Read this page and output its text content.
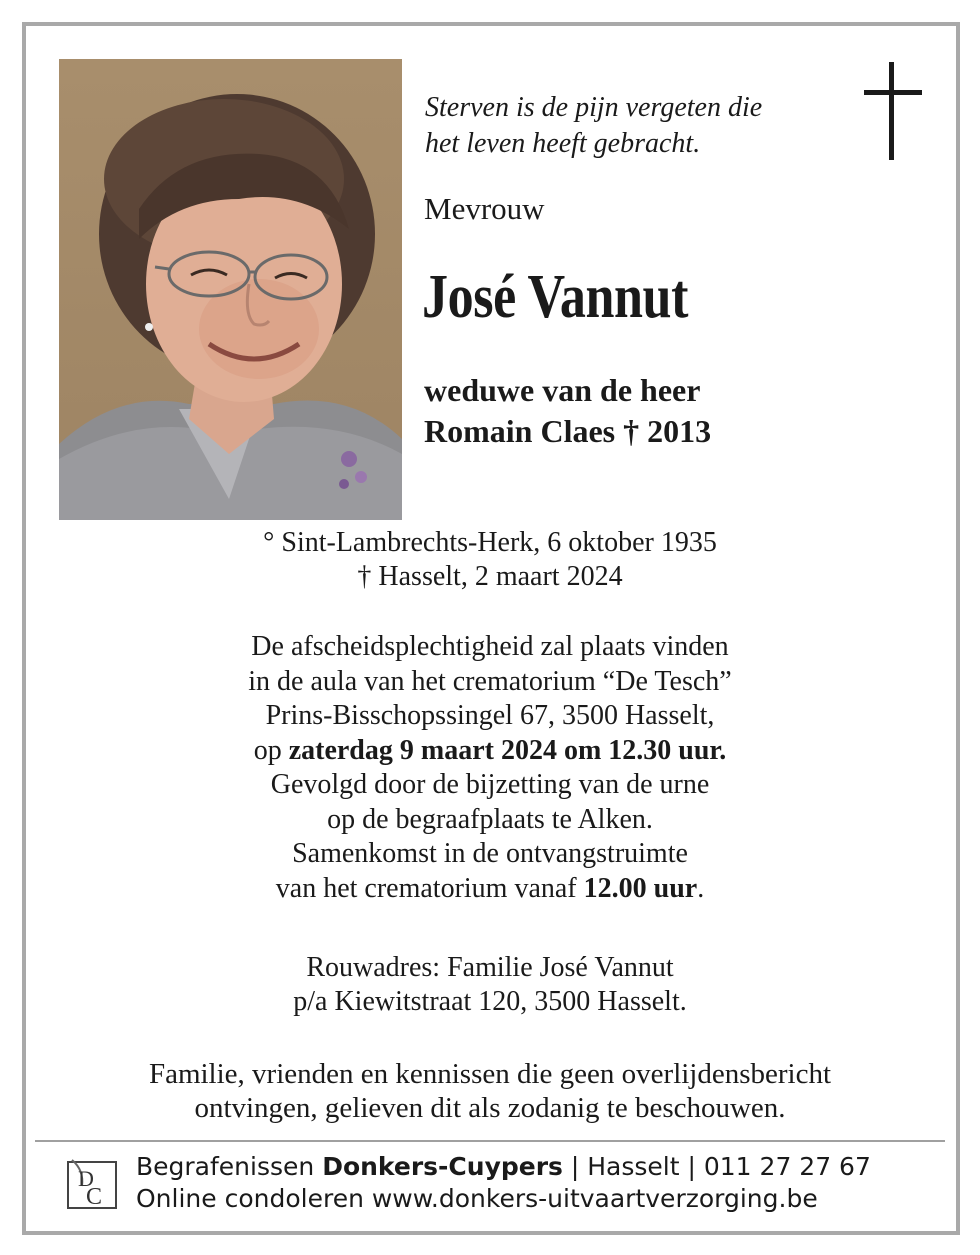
Sterven is de pijn vergeten die
het leven heeft gebracht.
Mevrouw
José Vannut
weduwe van de heer
Romain Claes † 2013
° Sint-Lambrechts-Herk, 6 oktober 1935
† Hasselt, 2 maart 2024
De afscheidsplechtigheid zal plaats vinden
in de aula van het crematorium “De Tesch”
Prins-Bisschopssingel 67, 3500 Hasselt,
op zaterdag 9 maart 2024 om 12.30 uur.
Gevolgd door de bijzetting van de urne
op de begraafplaats te Alken.
Samenkomst in de ontvangstruimte
van het crematorium vanaf 12.00 uur.
Rouwadres: Familie José Vannut
p/a Kiewitstraat 120, 3500 Hasselt.
Familie, vrienden en kennissen die geen overlijdensbericht
ontvingen, gelieven dit als zodanig te beschouwen.
D
C
Begrafenissen Donkers-Cuypers | Hasselt | 011 27 27 67
Online condoleren www.donkers-uitvaartverzorging.be
